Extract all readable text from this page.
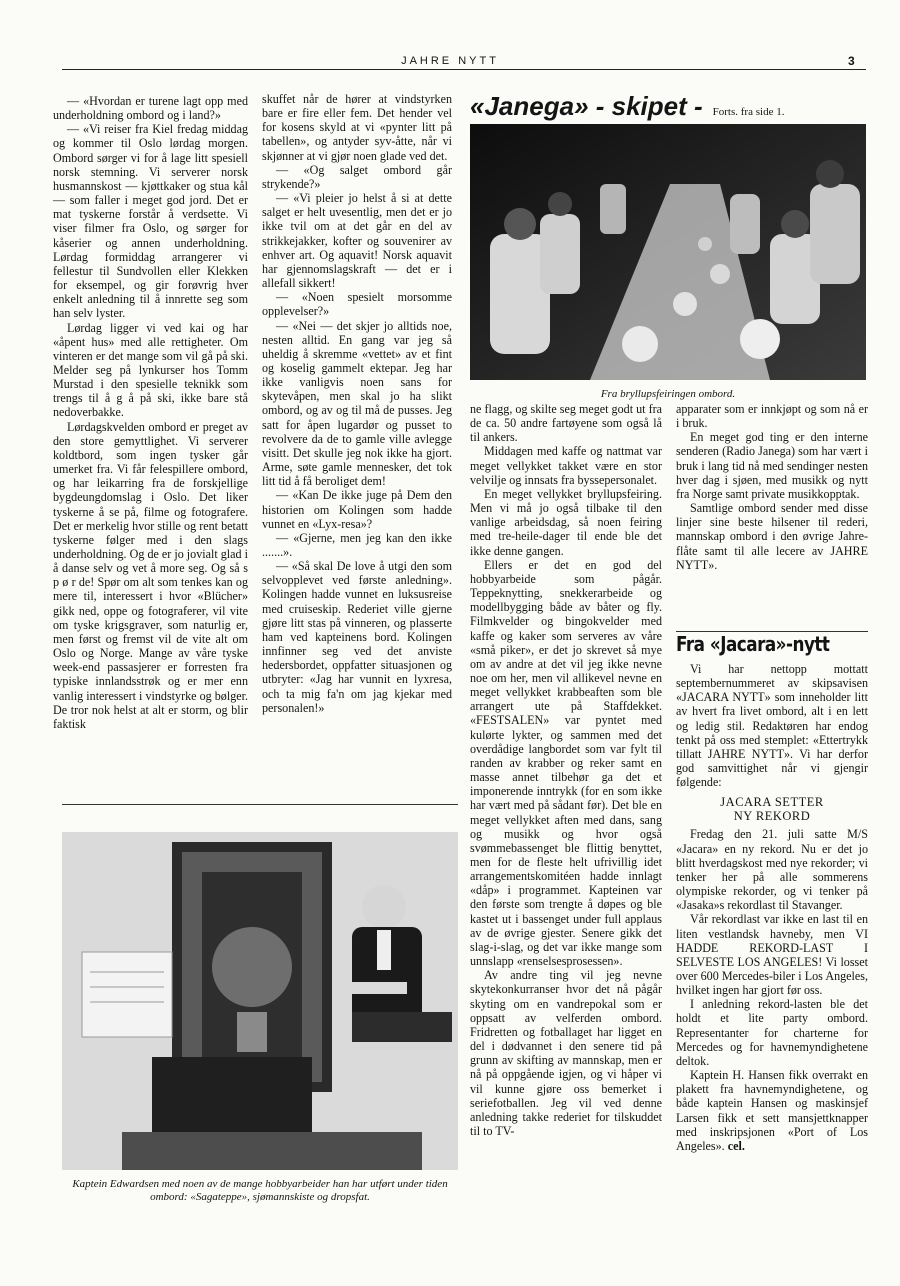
JAHRE NYTT	3

— «Hvordan er turene lagt opp med underholdning ombord og i land?»

— «Vi reiser fra Kiel fredag middag og kommer til Oslo lørdag morgen. Ombord sørger vi for å lage litt spesiell norsk stemning. Vi serverer norsk husmannskost — kjøttkaker og stua kål — som faller i meget god jord. Det er mat tyskerne forstår å verdsette. Vi viser filmer fra Oslo, og sørger for kåserier og annen underholdning. Lørdag formiddag arrangerer vi fellestur til Sundvollen eller Klekken for eksempel, og gir forøvrig hver enkelt anledning til å innrette seg som han selv lyster.

Lørdag ligger vi ved kai og har «åpent hus» med alle rettigheter. Om vinteren er det mange som vil gå på ski. Melder seg på lynkurser hos Tomm Murstad i den spesielle teknikk som trengs til å g å på ski, ikke bare stå nedoverbakke.

Lørdagskvelden ombord er preget av den store gemyttlighet. Vi serverer koldtbord, som ingen tysker går umerket fra. Vi får felespillere ombord, og har leikarring fra de forskjellige bygdeungdomslag i Oslo. Det liker tyskerne å se på, filme og fotografere. Det er merkelig hvor stille og rent betatt tyskerne følger med i den slags underholdning. Og de er jo jovialt glad i å danse selv og vet å more seg. Og så s p ø r de! Spør om alt som tenkes kan og mere til, interessert i hvor «Blücher» gikk ned, oppe og fotograferer, vil vite om tyske krigsgraver, som naturlig er, men først og fremst vil de vite alt om Oslo og Norge. Mange av våre tyske week-end passasjerer er forresten fra typiske innlandsstrøk og er mer enn vanlig interessert i vindstyrke og bølger. De tror nok helst at alt er storm, og blir faktisk

skuffet når de hører at vindstyrken bare er fire eller fem. Det hender vel for kosens skyld at vi «pynter litt på tabellen», og antyder syv-åtte, når vi skjønner at vi gjør noen glade ved det.

— «Og salget ombord går strykende?»

— «Vi pleier jo helst å si at dette salget er helt uvesentlig, men det er jo ikke tvil om at det går en del av strikkejakker, kofter og souvenirer av enhver art. Og aquavit! Norsk aquavit har gjennomslagskraft — det er i allefall sikkert!

— «Noen spesielt morsomme opplevelser?»

— «Nei — det skjer jo alltids noe, nesten alltid. En gang var jeg så uheldig å skremme «vettet» av et fint og koselig gammelt ektepar. Jeg har ikke vanligvis noen sans for skytevåpen, men skal jo ha slikt ombord, og av og til må de pusses. Jeg satt for åpen lugardør og pusset to revolvere da de to gamle ville avlegge visitt. Det skulle jeg nok ikke ha gjort. Arme, søte gamle mennesker, det tok litt tid å få beroliget dem!

— «Kan De ikke juge på Dem den historien om Kolingen som hadde vunnet en «Lyx-resa»?

— «Gjerne, men jeg kan den ikke .......».

— «Så skal De love å utgi den som selvopplevet ved første anledning». Kolingen hadde vunnet en luksusreise med cruiseskip. Rederiet ville gjerne gjøre litt stas på vinneren, og plasserte ham ved kapteinens bord. Kolingen innfinner seg ved det anviste hedersbordet, oppfatter situasjonen og utbryter: «Jag har vunnit en lyxresa, och ta mig fa'n om jag kjekar med personalen!»

«Janega» - skipet - Forts. fra side 1.
Fra bryllupsfeiringen ombord.

ne flagg, og skilte seg meget godt ut fra de ca. 50 andre fartøyene som også lå til ankers.

Middagen med kaffe og nattmat var meget vellykket takket være en stor velvilje og innsats fra byssepersonalet.

En meget vellykket bryllupsfeiring. Men vi må jo også tilbake til den vanlige arbeidsdag, så noen feiring med tre-heile-dager til ende ble det ikke denne gangen.

Ellers er det en god del hobbyarbeide som pågår. Teppeknytting, snekkerarbeide og modellbygging både av båter og fly. Filmkvelder og bingokvelder med kaffe og kaker som serveres av våre «små piker», er det jo skrevet så mye om av andre at det vil jeg ikke nevne noe om her, men vil allikevel nevne en meget vellykket krabbeaften som ble arrangert ute på Staffdekket. «FESTSALEN» var pyntet med kulørte lykter, og sammen med det overdådige langbordet som var fylt til randen av krabber og reker samt en masse annet tilbehør ga det et imponerende inntrykk (for en som ikke har vært med på sådant før). Det ble en meget vellykket aften med dans, sang og musikk og hvor også svømmebassenget ble flittig benyttet, men for de fleste helt ufrivillig idet arrangementskomitéen hadde innlagt «dåp» i programmet. Kapteinen var den første som trengte å døpes og ble kastet ut i bassenget under full applaus av de øvrige gjester. Senere gikk det slag-i-slag, og det var ikke mange som unnslapp «renselsesprosessen».

Av andre ting vil jeg nevne skytekonkurranser hvor det nå pågår skyting om en vandrepokal som er oppsatt av velferden ombord. Fridretten og fotballaget har ligget en del i dødvannet i den senere tid på grunn av skifting av mannskap, men er nå på oppgående igjen, og vi håper vi vil kunne gjøre oss bemerket i seriefotballen. Jeg vil ved denne anledning takke rederiet for tilskuddet til to TV-

apparater som er innkjøpt og som nå er i bruk.

En meget god ting er den interne senderen (Radio Janega) som har vært i bruk i lang tid nå med sendinger nesten hver dag i sjøen, med musikk og nytt fra Norge samt private musikkopptak.

Samtlige ombord sender med disse linjer sine beste hilsener til rederi, mannskap ombord i den øvrige Jahre-flåte samt til alle leсere av JAHRE NYTT».

Fra «Jacara»-nytt

Vi har nettopp mottatt septembernummeret av skipsavisen «JACARA NYTT» som inneholder litt av hvert fra livet ombord, alt i en lett og ledig stil. Redaktøren har endog tenkt på oss med stemplet: «Ettertrykk tillatt JAHRE NYTT». Vi har derfor god samvittighet når vi gjengir følgende:

JACARA SETTER
NY REKORD

Fredag den 21. juli satte M/S «Jacara» en ny rekord. Nu er det jo blitt hverdagskost med nye rekorder; vi tenker her på alle sommerens olympiske rekorder, og vi tenker på «Jasaka»s rekordlast til Stavanger.

Vår rekordlast var ikke en last til en liten vestlandsk havneby, men VI HADDE REKORD-LAST I SELVESTE LOS ANGELES! Vi losset over 600 Mercedes-biler i Los Angeles, hvilket ingen har gjort før oss.

I anledning rekord-lasten ble det holdt et lite party ombord. Representanter for charterne for Mercedes og for havnemyndighetene deltok.

Kaptein H. Hansen fikk overrakt en plakett fra havnemyndighetene, og både kaptein Hansen og maskinsjef Larsen fikk et sett mansjettknapper med inskripsjonen «Port of Los Angeles». cel.

Kaptein Edwardsen med noen av de mange hobbyarbeider han har utført under tiden ombord: «Sagateppe», sjømannskiste og dropsfat.
